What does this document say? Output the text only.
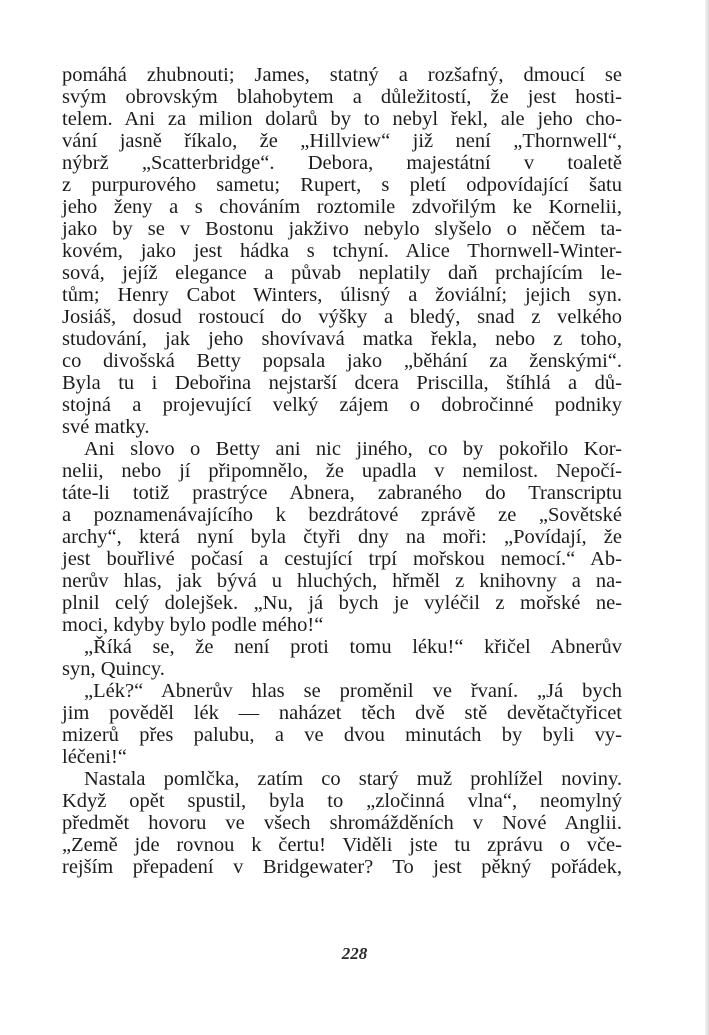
pomáhá zhubnouti; James, statný a rozšafný, dmoucí se
svým obrovským blahobytem a důležitostí, že jest hosti-
telem. Ani za milion dolarů by to nebyl řekl, ale jeho cho-
vání jasně říkalo, že „Hillview“ již není „Thornwell“,
nýbrž „Scatterbridge“. Debora, majestátní v toaletě
z purpurového sametu; Rupert, s pletí odpovídající šatu
jeho ženy a s chováním roztomile zdvořilým ke Kornelii,
jako by se v Bostonu jakživo nebylo slyšelo o něčem ta-
kovém, jako jest hádka s tchyní. Alice Thornwell-Winter-
sová, jejíž elegance a půvab neplatily daň prchajícím le-
tům; Henry Cabot Winters, úlisný a žoviální; jejich syn.
Josiáš, dosud rostoucí do výšky a bledý, snad z velkého
studování, jak jeho shovívavá matka řekla, nebo z toho,
co divošská Betty popsala jako „běhání za ženskými“.
Byla tu i Debořina nejstarší dcera Priscilla, štíhlá a dů-
stojná a projevující velký zájem o dobročinné podniky
své matky.
Ani slovo o Betty ani nic jiného, co by pokořilo Kor-
nelii, nebo jí připomnělo, že upadla v nemilost. Nepočí-
táte-li totiž prastrýce Abnera, zabraného do Transcriptu
a poznamenávajícího k bezdrátové zprávě ze „Sovětské
archy“, která nyní byla čtyři dny na moři: „Povídají, že
jest bouřlivé počasí a cestující trpí mořskou nemocí.“ Ab-
nerův hlas, jak bývá u hluchých, hřměl z knihovny a na-
plnil celý dolejšek. „Nu, já bych je vyléčil z mořské ne-
moci, kdyby bylo podle mého!“
„Říká se, že není proti tomu léku!“ křičel Abnerův
syn, Quincy.
„Lék?“ Abnerův hlas se proměnil ve řvaní. „Já bych
jim pověděl lék — naházet těch dvě stě devětačtyřicet
mizerů přes palubu, a ve dvou minutách by byli vy-
léčeni!“
Nastala pomlčka, zatím co starý muž prohlížel noviny.
Když opět spustil, byla to „zločinná vlna“, neomylný
předmět hovoru ve všech shromážděních v Nové Anglii.
„Země jde rovnou k čertu! Viděli jste tu zprávu o vče-
rejším přepadení v Bridgewater? To jest pěkný pořádek,
228
